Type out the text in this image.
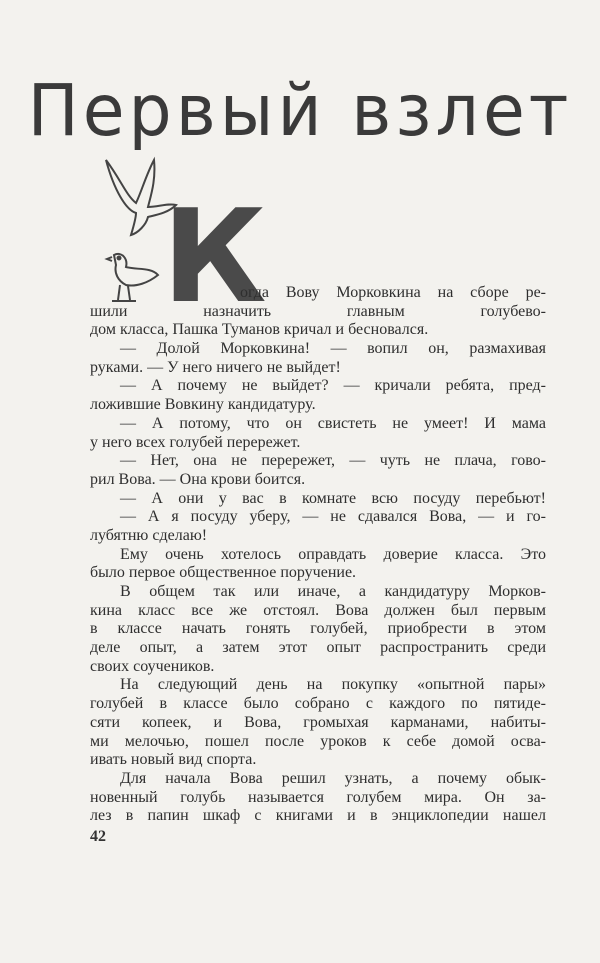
Первый взлет
К
огда Вову Морковкина на сборе ре-
шили назначить главным голубево-
дом класса, Пашка Туманов кричал и бесновался.
— Долой Морковкина! — вопил он, размахивая
руками. — У него ничего не выйдет!
— А почему не выйдет? — кричали ребята, пред-
ложившие Вовкину кандидатуру.
— А потому, что он свистеть не умеет! И мама
у него всех голубей перережет.
— Нет, она не перережет, — чуть не плача, гово-
рил Вова. — Она крови боится.
— А они у вас в комнате всю посуду перебьют!
— А я посуду уберу, — не сдавался Вова, — и го-
лубятню сделаю!
Ему очень хотелось оправдать доверие класса. Это
было первое общественное поручение.
В общем так или иначе, а кандидатуру Морков-
кина класс все же отстоял. Вова должен был первым
в классе начать гонять голубей, приобрести в этом
деле опыт, а затем этот опыт распространить среди
своих соучеников.
На следующий день на покупку «опытной пары»
голубей в классе было собрано с каждого по пятиде-
сяти копеек, и Вова, громыхая карманами, набиты-
ми мелочью, пошел после уроков к себе домой осва-
ивать новый вид спорта.
Для начала Вова решил узнать, а почему обык-
новенный голубь называется голубем мира. Он за-
лез в папин шкаф с книгами и в энциклопедии нашел
42
